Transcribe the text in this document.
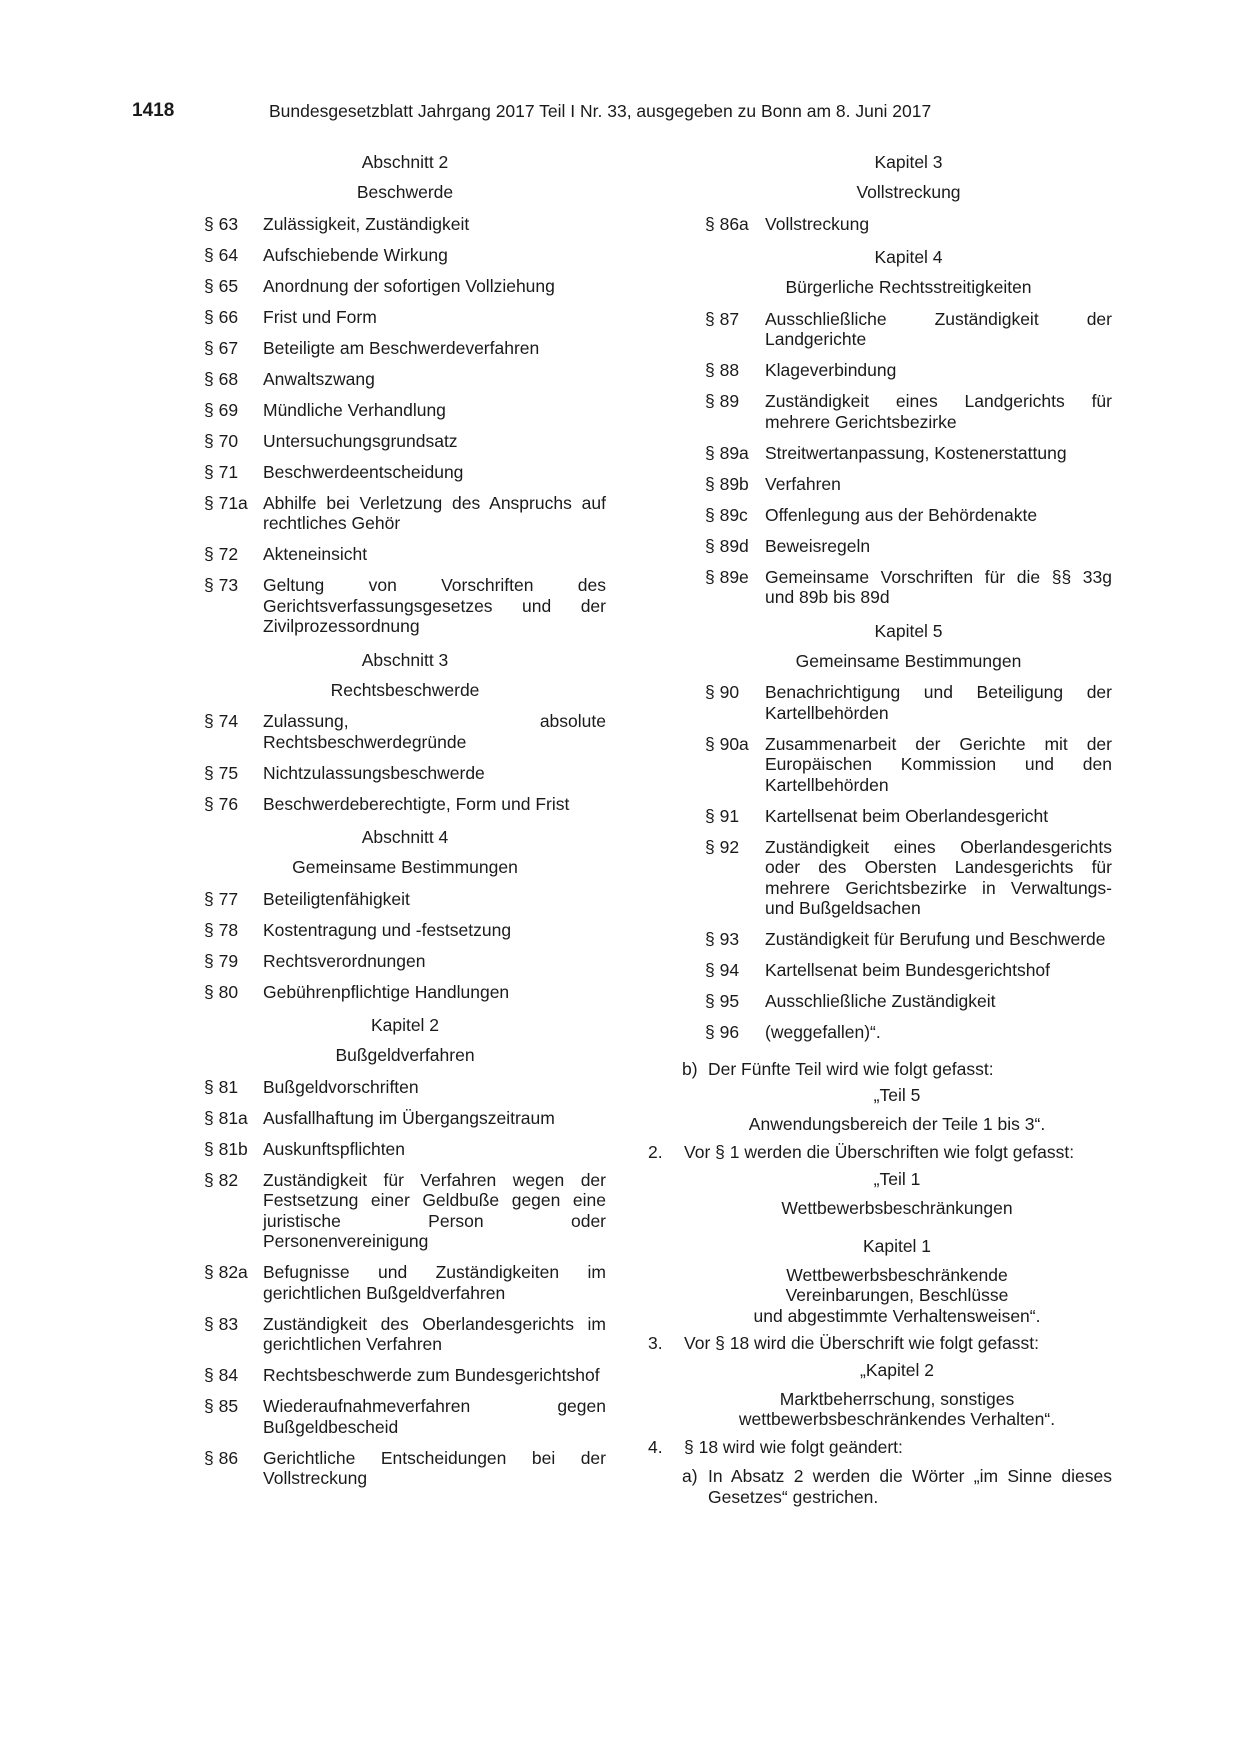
1418	Bundesgesetzblatt Jahrgang 2017 Teil I Nr. 33, ausgegeben zu Bonn am 8. Juni 2017
Abschnitt 2
Beschwerde
§ 63	Zulässigkeit, Zuständigkeit
§ 64	Aufschiebende Wirkung
§ 65	Anordnung der sofortigen Vollziehung
§ 66	Frist und Form
§ 67	Beteiligte am Beschwerdeverfahren
§ 68	Anwaltszwang
§ 69	Mündliche Verhandlung
§ 70	Untersuchungsgrundsatz
§ 71	Beschwerdeentscheidung
§ 71a Abhilfe bei Verletzung des Anspruchs auf rechtliches Gehör
§ 72	Akteneinsicht
§ 73	Geltung von Vorschriften des Gerichtsverfassungsgesetzes und der Zivilprozessordnung
Abschnitt 3
Rechtsbeschwerde
§ 74	Zulassung, absolute Rechtsbeschwerdegründe
§ 75	Nichtzulassungsbeschwerde
§ 76	Beschwerdeberechtigte, Form und Frist
Abschnitt 4
Gemeinsame Bestimmungen
§ 77	Beteiligtenfähigkeit
§ 78	Kostentragung und -festsetzung
§ 79	Rechtsverordnungen
§ 80	Gebührenpflichtige Handlungen
Kapitel 2
Bußgeldverfahren
§ 81	Bußgeldvorschriften
§ 81a Ausfallhaftung im Übergangszeitraum
§ 81b Auskunftspflichten
§ 82	Zuständigkeit für Verfahren wegen der Festsetzung einer Geldbuße gegen eine juristische Person oder Personenvereinigung
§ 82a Befugnisse und Zuständigkeiten im gerichtlichen Bußgeldverfahren
§ 83	Zuständigkeit des Oberlandesgerichts im gerichtlichen Verfahren
§ 84	Rechtsbeschwerde zum Bundesgerichtshof
§ 85	Wiederaufnahmeverfahren gegen Bußgeldbescheid
§ 86	Gerichtliche Entscheidungen bei der Vollstreckung
Kapitel 3
Vollstreckung
§ 86a Vollstreckung
Kapitel 4
Bürgerliche Rechtsstreitigkeiten
§ 87	Ausschließliche Zuständigkeit der Landgerichte
§ 88	Klageverbindung
§ 89	Zuständigkeit eines Landgerichts für mehrere Gerichtsbezirke
§ 89a Streitwertanpassung, Kostenerstattung
§ 89b Verfahren
§ 89c Offenlegung aus der Behördenakte
§ 89d Beweisregeln
§ 89e Gemeinsame Vorschriften für die §§ 33g und 89b bis 89d
Kapitel 5
Gemeinsame Bestimmungen
§ 90	Benachrichtigung und Beteiligung der Kartellbehörden
§ 90a Zusammenarbeit der Gerichte mit der Europäischen Kommission und den Kartellbehörden
§ 91	Kartellsenat beim Oberlandesgericht
§ 92	Zuständigkeit eines Oberlandesgerichts oder des Obersten Landesgerichts für mehrere Gerichtsbezirke in Verwaltungs- und Bußgeldsachen
§ 93	Zuständigkeit für Berufung und Beschwerde
§ 94	Kartellsenat beim Bundesgerichtshof
§ 95	Ausschließliche Zuständigkeit
§ 96	(weggefallen)“.
b) Der Fünfte Teil wird wie folgt gefasst:
„Teil 5
Anwendungsbereich der Teile 1 bis 3“.
2.	Vor § 1 werden die Überschriften wie folgt gefasst:
„Teil 1
Wettbewerbsbeschränkungen
Kapitel 1
Wettbewerbsbeschränkende
Vereinbarungen, Beschlüsse
und abgestimmte Verhaltensweisen“.
3.	Vor § 18 wird die Überschrift wie folgt gefasst:
„Kapitel 2
Marktbeherrschung, sonstiges
wettbewerbsbeschränkendes Verhalten“.
4.	§ 18 wird wie folgt geändert:
a) In Absatz 2 werden die Wörter „im Sinne dieses Gesetzes“ gestrichen.
